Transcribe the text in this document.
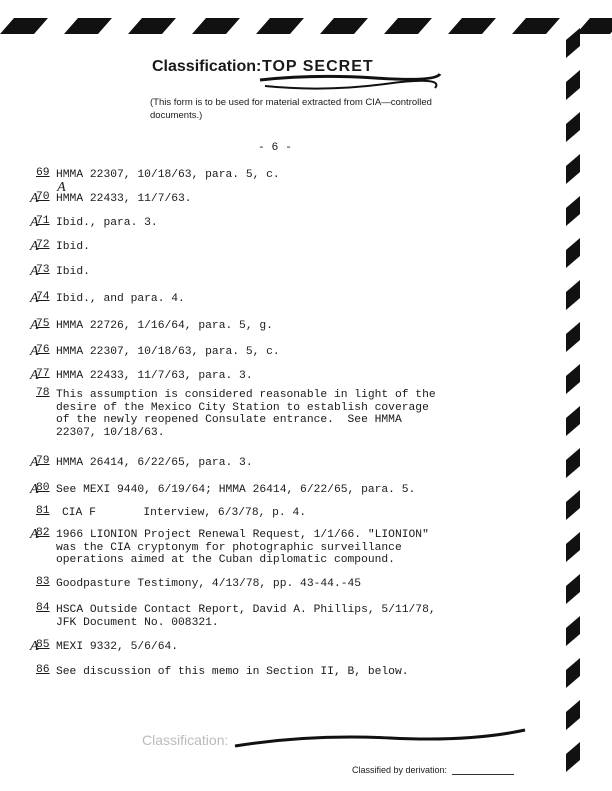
Classification: TOP SECRET
(This form is to be used for material extracted from CIA—controlled documents.)
- 6 -

A

69 HMMA 22307, 10/18/63, para. 5, c.
A
70 HMMA 22433, 11/7/63.
A
71 Ibid., para. 3.
A
72 Ibid.
A
73 Ibid.
A
74 Ibid., and para. 4.
A
75 HMMA 22726, 1/16/64, para. 5, g.
A
76 HMMA 22307, 10/18/63, para. 5, c.
A
77 HMMA 22433, 11/7/63, para. 3.
78 This assumption is considered reasonable in light of the
desire of the Mexico City Station to establish coverage
of the newly reopened Consulate entrance.  See HMMA
22307, 10/18/63.
A
79 HMMA 26414, 6/22/65, para. 3.
A
80 See MEXI 9440, 6/19/64; HMMA 26414, 6/22/65, para. 5.
81 CIA F       Interview, 6/3/78, p. 4.
A
82 1966 LIONION Project Renewal Request, 1/1/66. "LIONION"
was the CIA cryptonym for photographic surveillance
operations aimed at the Cuban diplomatic compound.
83 Goodpasture Testimony, 4/13/78, pp. 43-44.-45
84 HSCA Outside Contact Report, David A. Phillips, 5/11/78,
JFK Document No. 008321.
A
85 MEXI 9332, 5/6/64.
86 See discussion of this memo in Section II, B, below.
Classification:
Classified by derivation:
